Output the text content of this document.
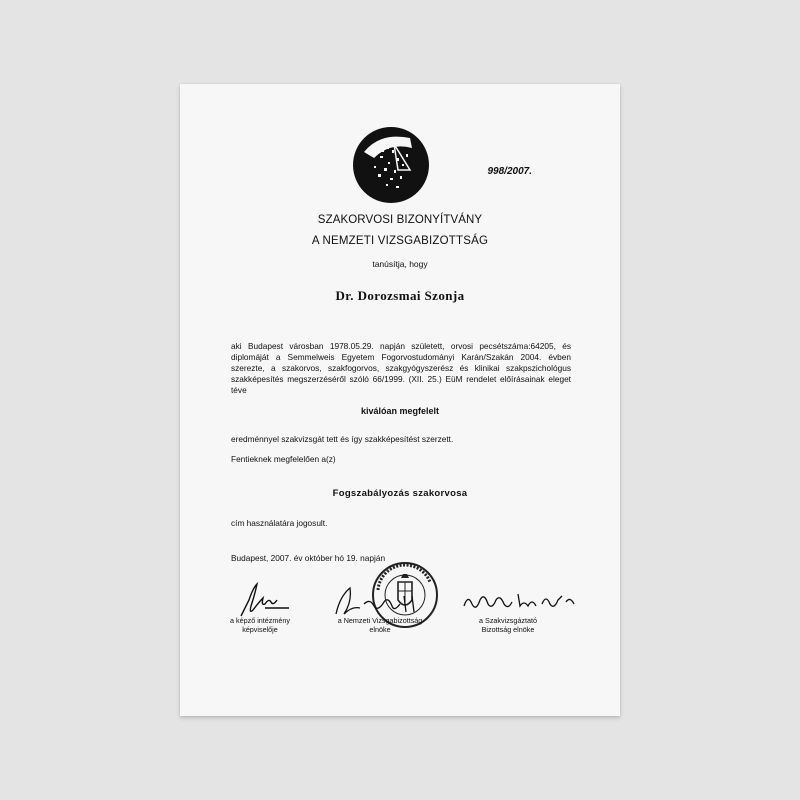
998/2007.
SZAKORVOSI BIZONYÍTVÁNY
A NEMZETI VIZSGABIZOTTSÁG
tanúsítja, hogy
Dr. Dorozsmai Szonja
aki Budapest városban 1978.05.29. napján született, orvosi pecsétszáma:64205, és diplomáját a Semmelweis Egyetem Fogorvostudományi Karán/Szakán 2004. évben szerezte, a szakorvos, szakfogorvos, szakgyógyszerész és klinikai szakpszichológus szakképesítés megszerzéséről szóló 66/1999. (XII. 25.) EüM rendelet előírásainak eleget téve
kiválóan megfelelt
eredménnyel szakvizsgát tett és így szakképesítést szerzett.
Fentieknek megfelelően a(z)
Fogszabályozás szakorvosa
cím használatára jogosult.
Budapest, 2007. év október hó 19. napján
a képző intézmény
képviselője
a Nemzeti Vizsgabizottság
elnöke
a Szakvizsgáztató
Bizottság elnöke
